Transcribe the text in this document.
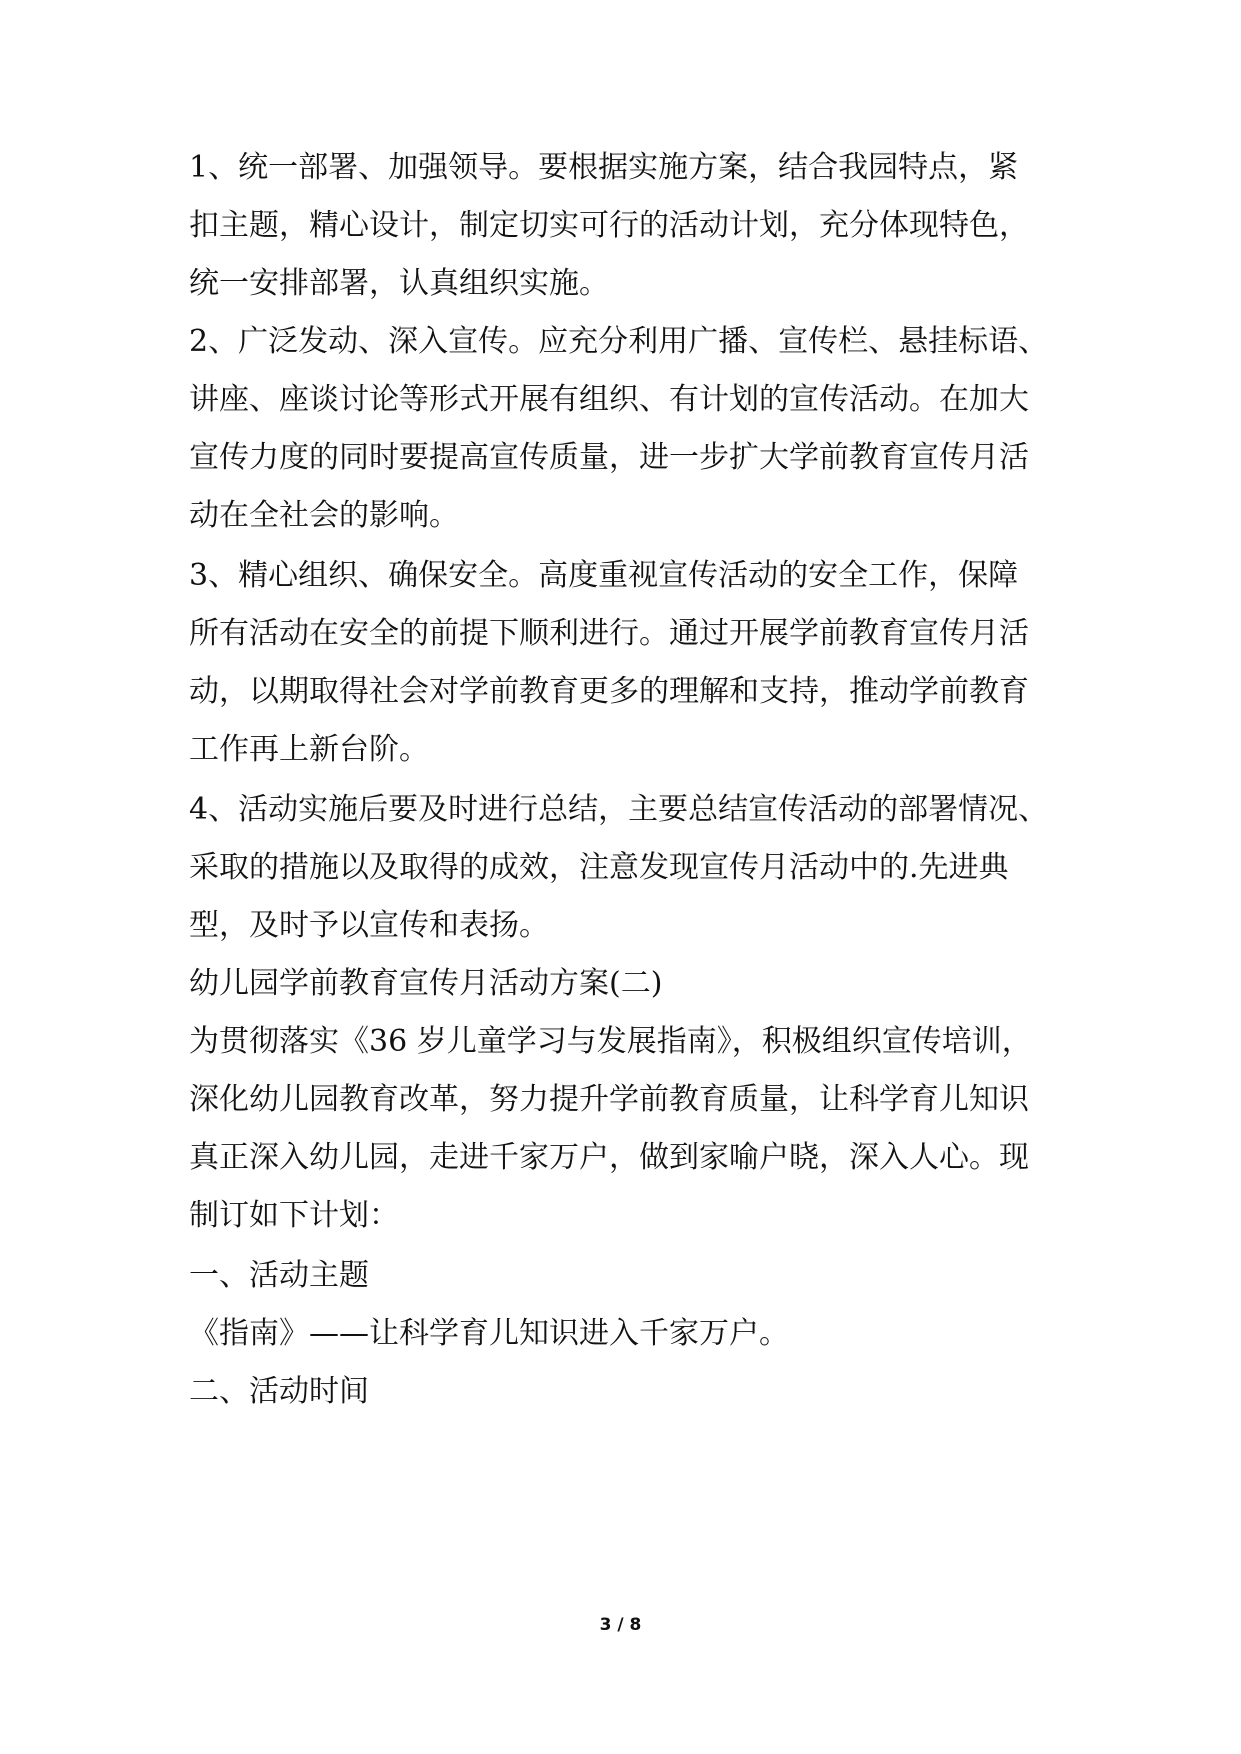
1、统一部署、加强领导。要根据实施方案，结合我园特点，紧
扣主题，精心设计，制定切实可行的活动计划，充分体现特色，
统一安排部署，认真组织实施。
2、广泛发动、深入宣传。应充分利用广播、宣传栏、悬挂标语、
讲座、座谈讨论等形式开展有组织、有计划的宣传活动。在加大
宣传力度的同时要提高宣传质量，进一步扩大学前教育宣传月活
动在全社会的影响。
3、精心组织、确保安全。高度重视宣传活动的安全工作，保障
所有活动在安全的前提下顺利进行。通过开展学前教育宣传月活
动，以期取得社会对学前教育更多的理解和支持，推动学前教育
工作再上新台阶。
4、活动实施后要及时进行总结，主要总结宣传活动的部署情况、
采取的措施以及取得的成效，注意发现宣传月活动中的.先进典
型，及时予以宣传和表扬。
幼儿园学前教育宣传月活动方案(二)
为贯彻落实《36 岁儿童学习与发展指南》，积极组织宣传培训，
深化幼儿园教育改革，努力提升学前教育质量，让科学育儿知识
真正深入幼儿园，走进千家万户，做到家喻户晓，深入人心。现
制订如下计划：
一、活动主题
《指南》——让科学育儿知识进入千家万户。
二、活动时间
3 / 8
